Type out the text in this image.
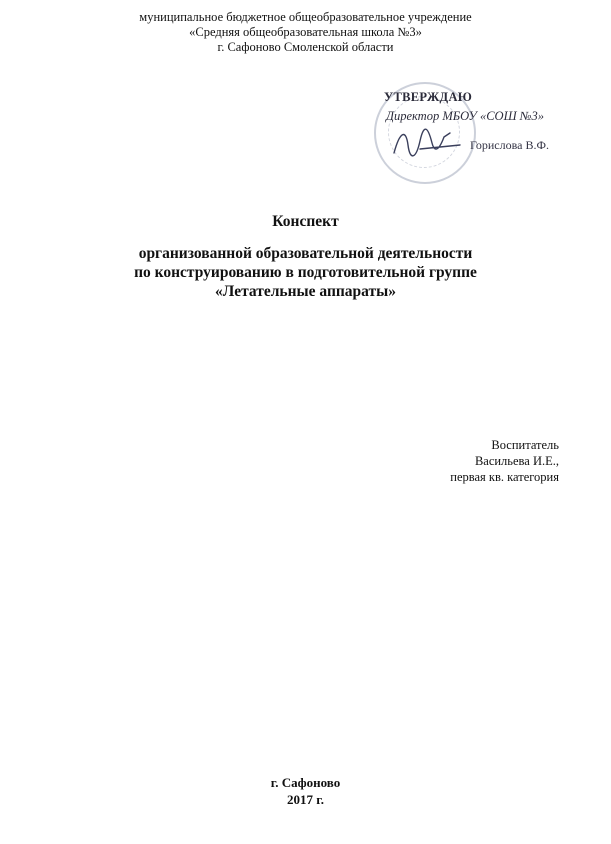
муниципальное бюджетное общеобразовательное учреждение
«Средняя общеобразовательная школа №3»
г. Сафоново Смоленской области
УТВЕРЖДАЮ
Директор МБОУ «СОШ №3»
Горислова В.Ф.
Конспект
организованной образовательной деятельности
по конструированию в подготовительной группе
«Летательные аппараты»
Воспитатель
Васильева И.Е.,
первая кв. категория
г. Сафоново
2017 г.
